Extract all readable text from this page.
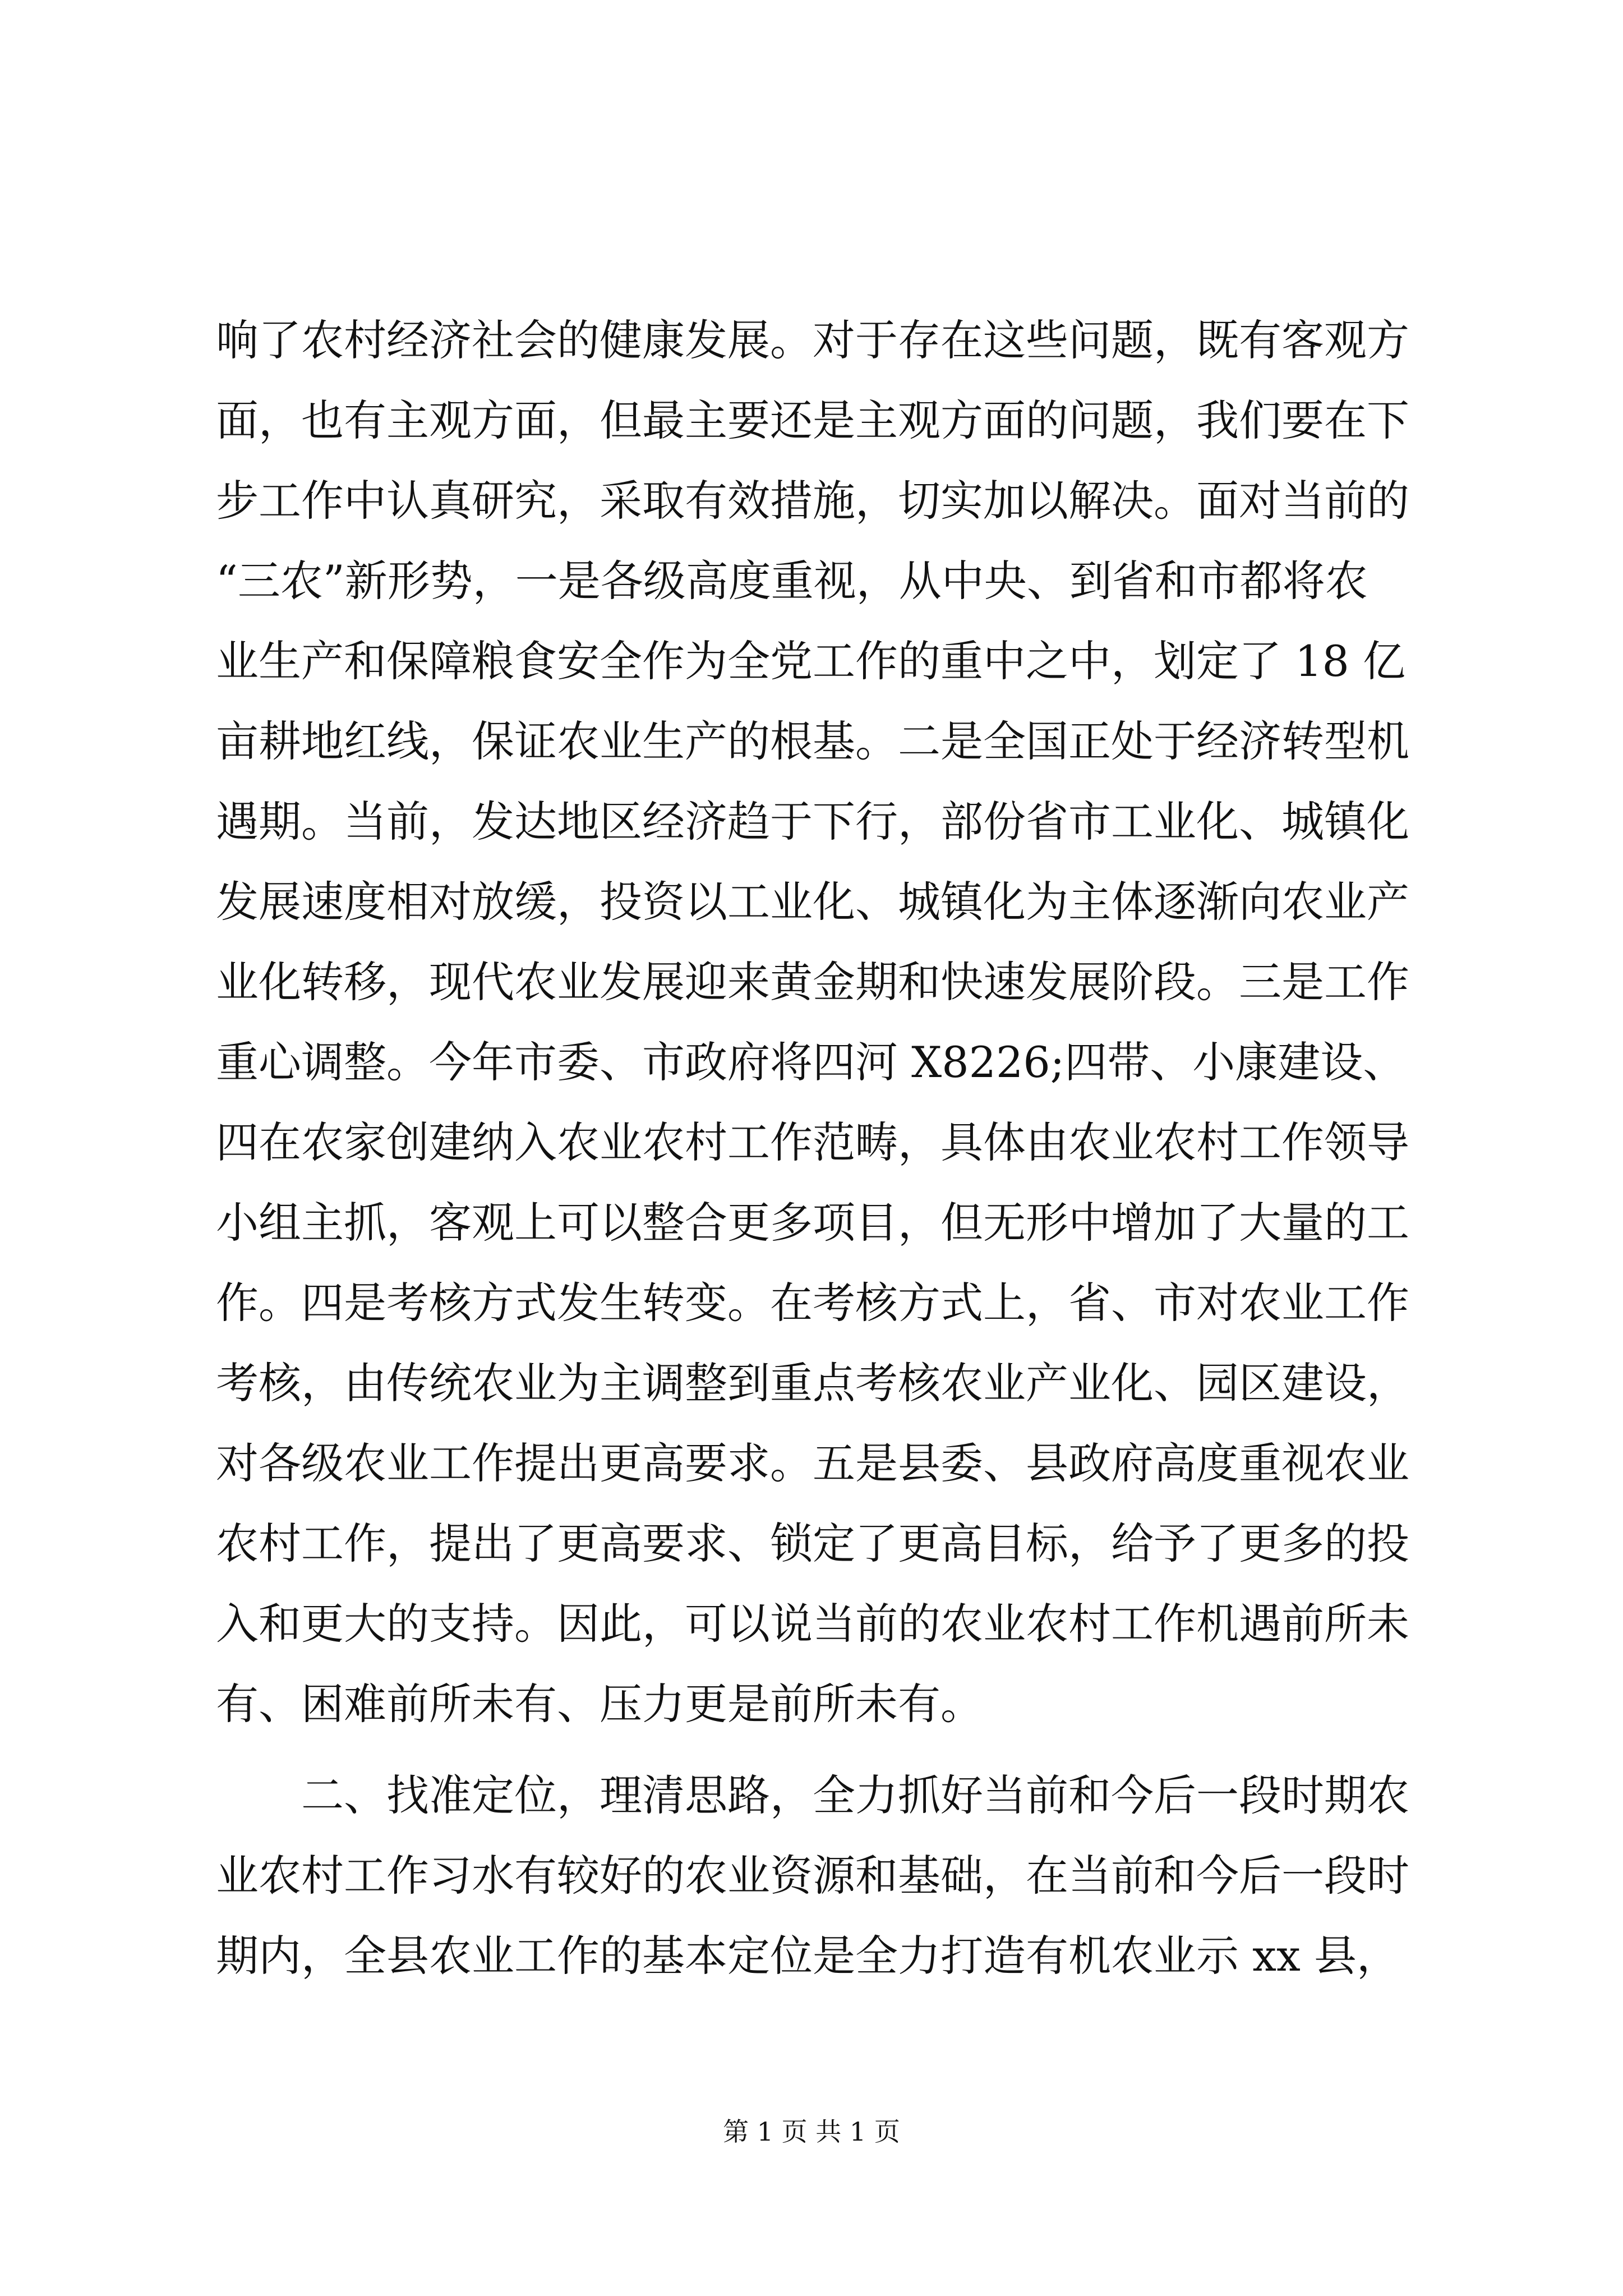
响了农村经济社会的健康发展。对于存在这些问题，既有客观方

面，也有主观方面，但最主要还是主观方面的问题，我们要在下

步工作中认真研究，采取有效措施，切实加以解决。面对当前的

“三农”新形势，一是各级高度重视，从中央、到省和市都将农

业生产和保障粮食安全作为全党工作的重中之中，划定了 18 亿

亩耕地红线，保证农业生产的根基。二是全国正处于经济转型机

遇期。当前，发达地区经济趋于下行，部份省市工业化、城镇化

发展速度相对放缓，投资以工业化、城镇化为主体逐渐向农业产

业化转移，现代农业发展迎来黄金期和快速发展阶段。三是工作

重心调整。今年市委、市政府将四河 X8226;四带、小康建设、

四在农家创建纳入农业农村工作范畴，具体由农业农村工作领导

小组主抓，客观上可以整合更多项目，但无形中增加了大量的工

作。四是考核方式发生转变。在考核方式上，省、市对农业工作

考核，由传统农业为主调整到重点考核农业产业化、园区建设，

对各级农业工作提出更高要求。五是县委、县政府高度重视农业

农村工作，提出了更高要求、锁定了更高目标，给予了更多的投

入和更大的支持。因此，可以说当前的农业农村工作机遇前所未

有、困难前所未有、压力更是前所未有。

　　二、找准定位，理清思路，全力抓好当前和今后一段时期农

业农村工作习水有较好的农业资源和基础，在当前和今后一段时

期内，全县农业工作的基本定位是全力打造有机农业示 xx 县，

第 1 页 共 1 页
